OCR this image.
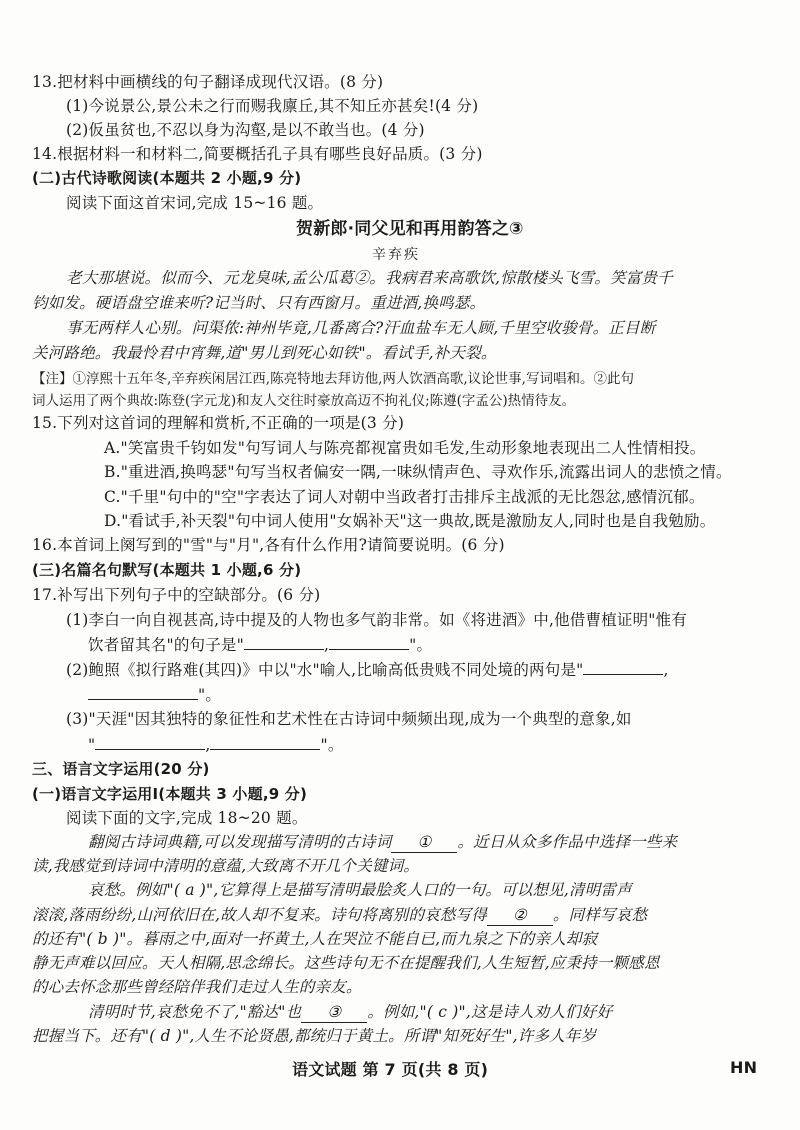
13.把材料中画横线的句子翻译成现代汉语。(8 分)
(1)今说景公,景公未之行而赐我廪丘,其不知丘亦甚矣!(4 分)
(2)仮虽贫也,不忍以身为沟壑,是以不敢当也。(4 分)
14.根据材料一和材料二,简要概括孔子具有哪些良好品质。(3 分)
(二)古代诗歌阅读(本题共 2 小题,9 分)
阅读下面这首宋词,完成 15~16 题。
贺新郎·同父见和再用韵答之③
辛弃疾
老大那堪说。似而今、元龙臭味,孟公瓜葛②。我病君来高歌饮,惊散楼头飞雪。笑富贵千
钧如发。硬语盘空谁来听?记当时、只有西窗月。重进酒,换鸣瑟。
事无两样人心别。问渠侬:神州毕竟,几番离合?汗血盐车无人顾,千里空收骏骨。正目断
关河路绝。我最怜君中宵舞,道"男儿到死心如铁"。看试手,补天裂。
【注】①淳熙十五年冬,辛弃疾闲居江西,陈亮特地去拜访他,两人饮酒高歌,议论世事,写词唱和。②此句
词人运用了两个典故:陈登(字元龙)和友人交往时豪放高迈不拘礼仪;陈遵(字孟公)热情待友。
15.下列对这首词的理解和赏析,不正确的一项是(3 分)
A."笑富贵千钧如发"句写词人与陈亮都视富贵如毛发,生动形象地表现出二人性情相投。
B."重进酒,换鸣瑟"句写当权者偏安一隅,一味纵情声色、寻欢作乐,流露出词人的悲愤之情。
C."千里"句中的"空"字表达了词人对朝中当政者打击排斥主战派的无比怨忿,感情沉郁。
D."看试手,补天裂"句中词人使用"女娲补天"这一典故,既是激励友人,同时也是自我勉励。
16.本首词上阕写到的"雪"与"月",各有什么作用?请简要说明。(6 分)
(三)名篇名句默写(本题共 1 小题,6 分)
17.补写出下列句子中的空缺部分。(6 分)
(1)李白一向自视甚高,诗中提及的人物也多气韵非常。如《将进酒》中,他借曹植证明"惟有
饮者留其名"的句子是"	,	"。
(2)鲍照《拟行路难(其四)》中以"水"喻人,比喻高低贵贱不同处境的两句是"	,
"。
(3)"天涯"因其独特的象征性和艺术性在古诗词中频频出现,成为一个典型的意象,如
"	,	"。
三、语言文字运用(20 分)
(一)语言文字运用Ⅰ(本题共 3 小题,9 分)
阅读下面的文字,完成 18~20 题。
翻阅古诗词典籍,可以发现描写清明的古诗词 ① 。近日从众多作品中选择一些来
读,我感觉到诗词中清明的意蕴,大致离不开几个关键词。
哀愁。例如"( a )",它算得上是描写清明最脍炙人口的一句。可以想见,清明雷声
滚滚,落雨纷纷,山河依旧在,故人却不复来。诗句将离别的哀愁写得 ② 。同样写哀愁
的还有"( b )"。暮雨之中,面对一抔黄土,人在哭泣不能自已,而九泉之下的亲人却寂
静无声难以回应。天人相隔,思念绵长。这些诗句无不在提醒我们,人生短暂,应秉持一颗感恩
的心去怀念那些曾经陪伴我们走过人生的亲友。
清明时节,哀愁免不了,"豁达"也 ③ 。例如,"( c )",这是诗人劝人们好好
把握当下。还有"( d )",人生不论贤愚,都统归于黄土。所谓"知死好生",许多人年岁
语文试题 第 7 页(共 8 页)	HN
